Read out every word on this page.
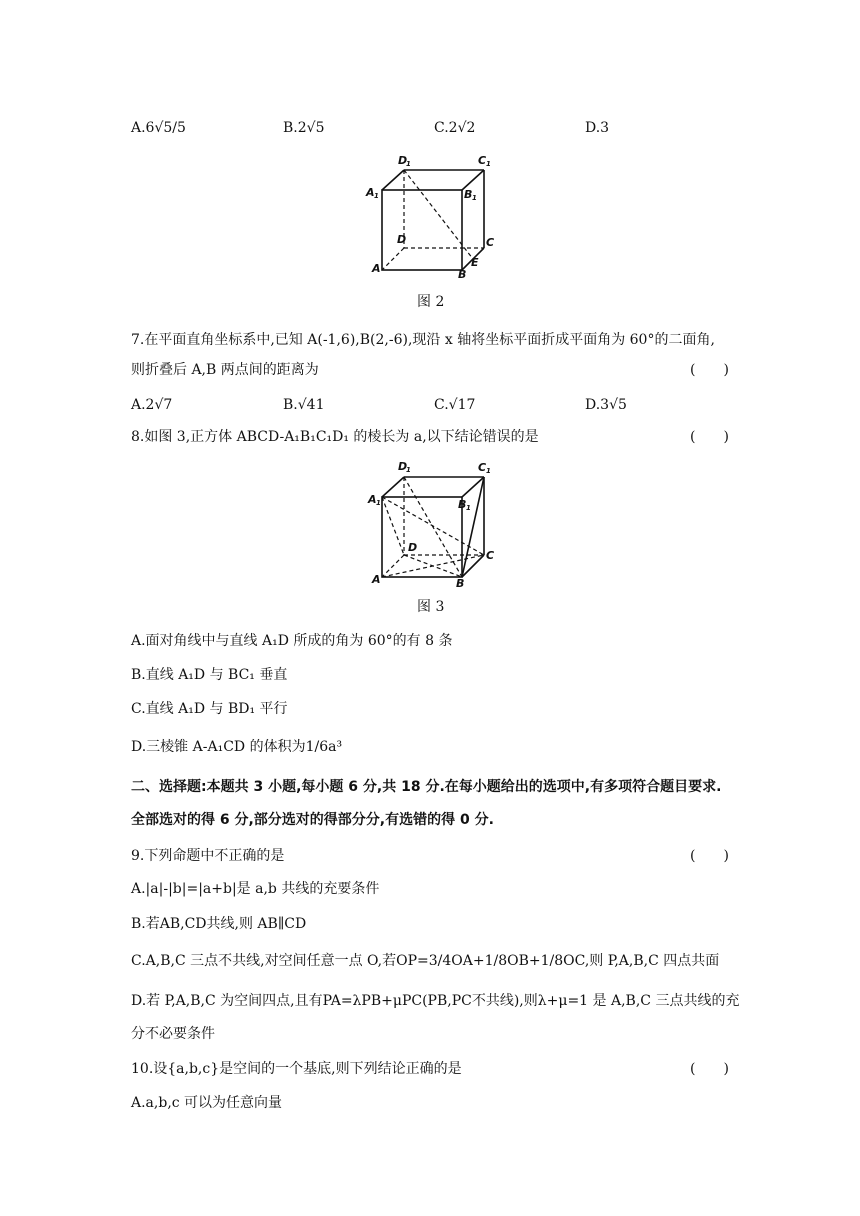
A.6√5/5	B.2√5	C.2√2	D.3
D
1	C 1
A 1	B 1
D	C
A	B
E
图 2
7.在平面直角坐标系中,已知 A(-1,6),B(2,-6),现沿 x 轴将坐标平面折成平面角为 60°的二面角,
则折叠后 A,B 两点间的距离为	(　　)
A.2√7	B.√41	C.√17	D.3√5
8.如图 3,正方体 ABCD-A₁B₁C₁D₁ 的棱长为 a,以下结论错误的是	(　　)
D
1	C 1
A 1	B 1
D
C
A	B
图 3
A.面对角线中与直线 A₁D 所成的角为 60°的有 8 条
B.直线 A₁D 与 BC₁ 垂直
C.直线 A₁D 与 BD₁ 平行
D.三棱锥 A-A₁CD 的体积为1/6a³
二、选择题:本题共 3 小题,每小题 6 分,共 18 分.在每小题给出的选项中,有多项符合题目要求.
全部选对的得 6 分,部分选对的得部分分,有选错的得 0 分.
9.下列命题中不正确的是	(　　)
A.|a|-|b|=|a+b|是 a,b 共线的充要条件
B.若AB,CD共线,则 AB∥CD
C.A,B,C 三点不共线,对空间任意一点 O,若OP=3/4OA+1/8OB+1/8OC,则 P,A,B,C 四点共面
D.若 P,A,B,C 为空间四点,且有PA=λPB+μPC(PB,PC不共线),则λ+μ=1 是 A,B,C 三点共线的充
分不必要条件
10.设{a,b,c}是空间的一个基底,则下列结论正确的是	(　　)
A.a,b,c 可以为任意向量
